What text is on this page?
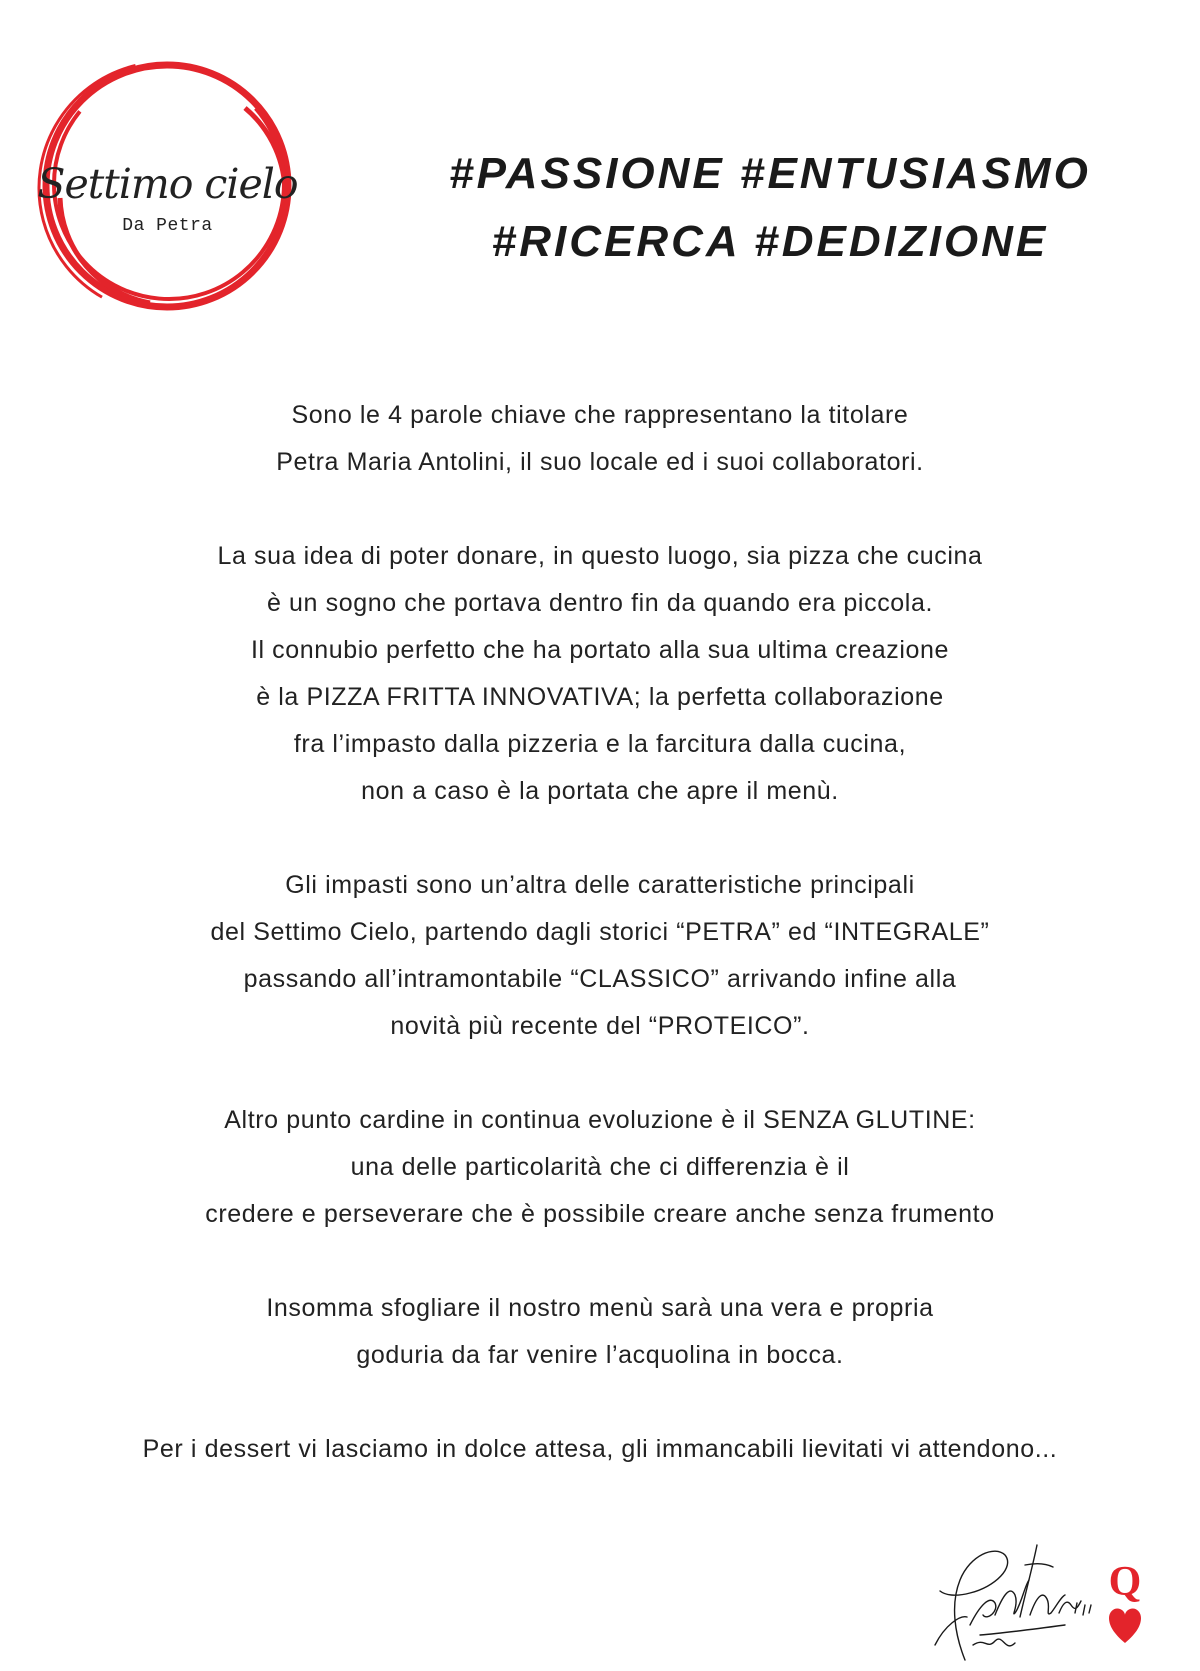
Settimo cielo
Da Petra
#PASSIONE #ENTUSIASMO
#RICERCA #DEDIZIONE
Sono le 4 parole chiave che rappresentano la titolare
Petra Maria Antolini, il suo locale ed i suoi collaboratori.
La sua idea di poter donare, in questo luogo, sia pizza che cucina
è un sogno che portava dentro fin da quando era piccola.
Il connubio perfetto che ha portato alla sua ultima creazione
è la PIZZA FRITTA INNOVATIVA; la perfetta collaborazione
fra l’impasto dalla pizzeria e la farcitura dalla cucina,
non a caso è la portata che apre il menù.
Gli impasti sono un’altra delle caratteristiche principali
del Settimo Cielo, partendo dagli storici “PETRA” ed “INTEGRALE”
passando all’intramontabile “CLASSICO” arrivando infine alla
novità più recente del “PROTEICO”.
Altro punto cardine in continua evoluzione è il SENZA GLUTINE:
una delle particolarità che ci differenzia è il
credere e perseverare che è possibile creare anche senza frumento
Insomma sfogliare il nostro menù sarà una vera e propria
goduria da far venire l’acquolina in bocca.
Per i dessert vi lasciamo in dolce attesa, gli immancabili lievitati vi attendono...
Q
